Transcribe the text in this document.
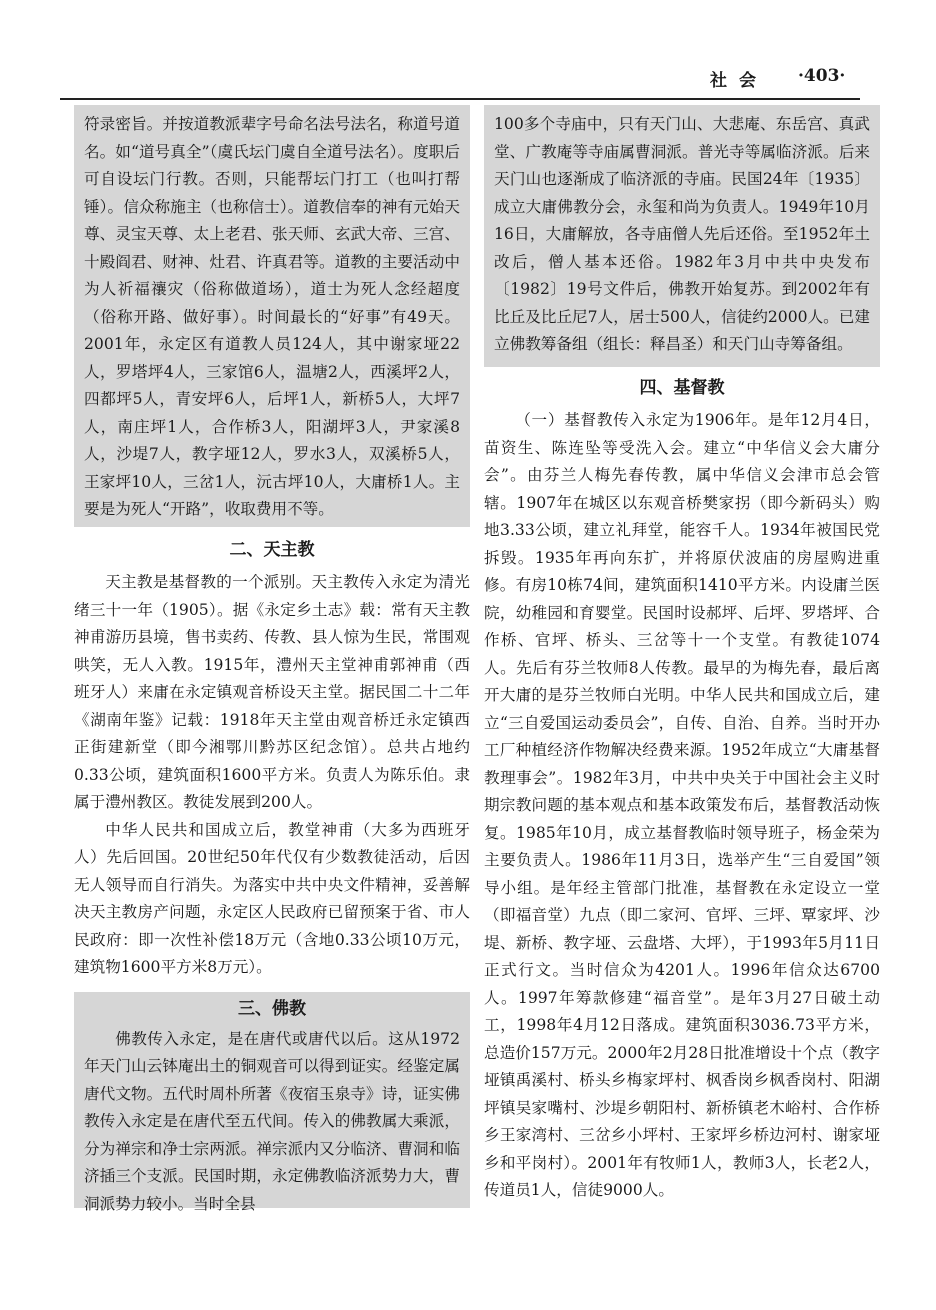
社会 ·403·

符录密旨。并按道教派辈字号命名法号法名，称道号道名。如“道号真全”（虞氏坛门虞自全道号法名）。度职后可自设坛门行教。否则，只能帮坛门打工（也叫打帮锤）。信众称施主（也称信士）。道教信奉的神有元始天尊、灵宝天尊、太上老君、张天师、玄武大帝、三宫、十殿阎君、财神、灶君、许真君等。道教的主要活动中为人祈福禳灾（俗称做道场），道士为死人念经超度（俗称开路、做好事）。时间最长的“好事”有49天。2001年，永定区有道教人员124人，其中谢家垭22人，罗塔坪4人，三家馆6人，温塘2人，西溪坪2人，四都坪5人，青安坪6人，后坪1人，新桥5人，大坪7人，南庄坪1人，合作桥3人，阳湖坪3人，尹家溪8人，沙堤7人，教字垭12人，罗水3人，双溪桥5人，王家坪10人，三岔1人，沅古坪10人，大庸桥1人。主要是为死人“开路”，收取费用不等。

二、天主教

天主教是基督教的一个派别。天主教传入永定为清光绪三十一年（1905）。据《永定乡土志》载：常有天主教神甫游历县境，售书卖药、传教、县人惊为生民，常围观哄笑，无人入教。1915年，澧州天主堂神甫郭神甫（西班牙人）来庸在永定镇观音桥设天主堂。据民国二十二年《湖南年鉴》记载：1918年天主堂由观音桥迁永定镇西正街建新堂（即今湘鄂川黔苏区纪念馆）。总共占地约0.33公顷，建筑面积1600平方米。负责人为陈乐伯。隶属于澧州教区。教徒发展到200人。

中华人民共和国成立后，教堂神甫（大多为西班牙人）先后回国。20世纪50年代仅有少数教徒活动，后因无人领导而自行消失。为落实中共中央文件精神，妥善解决天主教房产问题，永定区人民政府已留预案于省、市人民政府：即一次性补偿18万元（含地0.33公顷10万元，建筑物1600平方米8万元）。

三、佛教

佛教传入永定，是在唐代或唐代以后。这从1972年天门山云钵庵出土的铜观音可以得到证实。经鉴定属唐代文物。五代时周朴所著《夜宿玉泉寺》诗，证实佛教传入永定是在唐代至五代间。传入的佛教属大乘派，分为禅宗和净士宗两派。禅宗派内又分临济、曹洞和临济插三个支派。民国时期，永定佛教临济派势力大，曹洞派势力较小。当时全县

100多个寺庙中，只有天门山、大悲庵、东岳宫、真武堂、广教庵等寺庙属曹洞派。普光寺等属临济派。后来天门山也逐渐成了临济派的寺庙。民国24年〔1935〕成立大庸佛教分会，永玺和尚为负责人。1949年10月16日，大庸解放，各寺庙僧人先后还俗。至1952年土改后，僧人基本还俗。1982年3月中共中央发布〔1982〕19号文件后，佛教开始复苏。到2002年有比丘及比丘尼7人，居士500人，信徒约2000人。已建立佛教筹备组（组长：释昌圣）和天门山寺筹备组。

四、基督教

（一）基督教传入永定为1906年。是年12月4日，苗资生、陈连坠等受洗入会。建立“中华信义会大庸分会”。由芬兰人梅先春传教，属中华信义会津市总会管辖。1907年在城区以东观音桥樊家拐（即今新码头）购地3.33公顷，建立礼拜堂，能容千人。1934年被国民党拆毁。1935年再向东扩，并将原伏波庙的房屋购进重修。有房10栋74间，建筑面积1410平方米。内设庸兰医院，幼稚园和育婴堂。民国时设郝坪、后坪、罗塔坪、合作桥、官坪、桥头、三岔等十一个支堂。有教徒1074人。先后有芬兰牧师8人传教。最早的为梅先春，最后离开大庸的是芬兰牧师白光明。中华人民共和国成立后，建立“三自爱国运动委员会”，自传、自治、自养。当时开办工厂种植经济作物解决经费来源。1952年成立“大庸基督教理事会”。1982年3月，中共中央关于中国社会主义时期宗教问题的基本观点和基本政策发布后，基督教活动恢复。1985年10月，成立基督教临时领导班子，杨金荣为主要负责人。1986年11月3日，选举产生“三自爱国”领导小组。是年经主管部门批准，基督教在永定设立一堂（即福音堂）九点（即二家河、官坪、三坪、覃家坪、沙堤、新桥、教字垭、云盘塔、大坪），于1993年5月11日正式行文。当时信众为4201人。1996年信众达6700人。1997年筹款修建“福音堂”。是年3月27日破土动工，1998年4月12日落成。建筑面积3036.73平方米，总造价157万元。2000年2月28日批准增设十个点（教字垭镇禹溪村、桥头乡梅家坪村、枫香岗乡枫香岗村、阳湖坪镇吴家嘴村、沙堤乡朝阳村、新桥镇老木峪村、合作桥乡王家湾村、三岔乡小坪村、王家坪乡桥边河村、谢家垭乡和平岗村）。2001年有牧师1人，教师3人，长老2人，传道员1人，信徒9000人。
